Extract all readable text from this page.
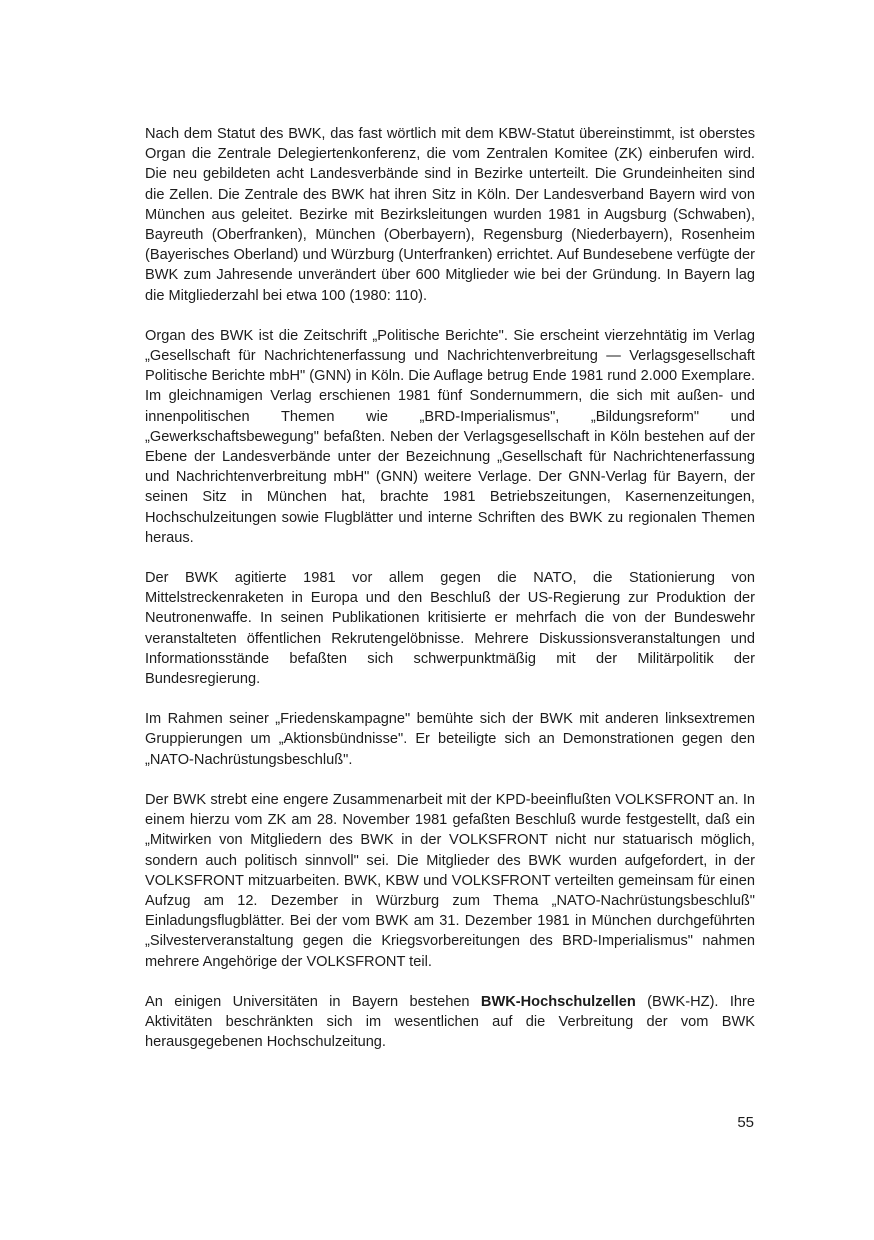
Nach dem Statut des BWK, das fast wörtlich mit dem KBW-Statut übereinstimmt, ist oberstes Organ die Zentrale Delegiertenkonferenz, die vom Zentralen Komitee (ZK) einberufen wird. Die neu gebildeten acht Landesverbände sind in Bezirke unterteilt. Die Grundeinheiten sind die Zellen. Die Zentrale des BWK hat ihren Sitz in Köln. Der Landesverband Bayern wird von München aus geleitet. Bezirke mit Bezirksleitungen wurden 1981 in Augsburg (Schwaben), Bayreuth (Oberfranken), München (Oberbayern), Regensburg (Niederbayern), Rosenheim (Bayerisches Oberland) und Würzburg (Unterfranken) errichtet. Auf Bundesebene verfügte der BWK zum Jahresende unverändert über 600 Mitglieder wie bei der Gründung. In Bayern lag die Mitgliederzahl bei etwa 100 (1980: 110).

Organ des BWK ist die Zeitschrift „Politische Berichte". Sie erscheint vierzehntätig im Verlag „Gesellschaft für Nachrichtenerfassung und Nachrichtenverbreitung — Verlagsgesellschaft Politische Berichte mbH" (GNN) in Köln. Die Auflage betrug Ende 1981 rund 2.000 Exemplare. Im gleichnamigen Verlag erschienen 1981 fünf Sondernummern, die sich mit außen- und innenpolitischen Themen wie „BRD-Imperialismus", „Bildungsreform" und „Gewerkschaftsbewegung" befaßten. Neben der Verlagsgesellschaft in Köln bestehen auf der Ebene der Landesverbände unter der Bezeichnung „Gesellschaft für Nachrichtenerfassung und Nachrichtenverbreitung mbH" (GNN) weitere Verlage. Der GNN-Verlag für Bayern, der seinen Sitz in München hat, brachte 1981 Betriebszeitungen, Kasernenzeitungen, Hochschulzeitungen sowie Flugblätter und interne Schriften des BWK zu regionalen Themen heraus.

Der BWK agitierte 1981 vor allem gegen die NATO, die Stationierung von Mittelstreckenraketen in Europa und den Beschluß der US-Regierung zur Produktion der Neutronenwaffe. In seinen Publikationen kritisierte er mehrfach die von der Bundeswehr veranstalteten öffentlichen Rekrutengelöbnisse. Mehrere Diskussionsveranstaltungen und Informationsstände befaßten sich schwerpunktmäßig mit der Militärpolitik der Bundesregierung.

Im Rahmen seiner „Friedenskampagne" bemühte sich der BWK mit anderen linksextremen Gruppierungen um „Aktionsbündnisse". Er beteiligte sich an Demonstrationen gegen den „NATO-Nachrüstungsbeschluß".

Der BWK strebt eine engere Zusammenarbeit mit der KPD-beeinflußten VOLKSFRONT an. In einem hierzu vom ZK am 28. November 1981 gefaßten Beschluß wurde festgestellt, daß ein „Mitwirken von Mitgliedern des BWK in der VOLKSFRONT nicht nur statuarisch möglich, sondern auch politisch sinnvoll" sei. Die Mitglieder des BWK wurden aufgefordert, in der VOLKSFRONT mitzuarbeiten. BWK, KBW und VOLKSFRONT verteilten gemeinsam für einen Aufzug am 12. Dezember in Würzburg zum Thema „NATO-Nachrüstungsbeschluß" Einladungsflugblätter. Bei der vom BWK am 31. Dezember 1981 in München durchgeführten „Silvesterveranstaltung gegen die Kriegsvorbereitungen des BRD-Imperialismus" nahmen mehrere Angehörige der VOLKSFRONT teil.

An einigen Universitäten in Bayern bestehen BWK-Hochschulzellen (BWK-HZ). Ihre Aktivitäten beschränkten sich im wesentlichen auf die Verbreitung der vom BWK herausgegebenen Hochschulzeitung.

55
